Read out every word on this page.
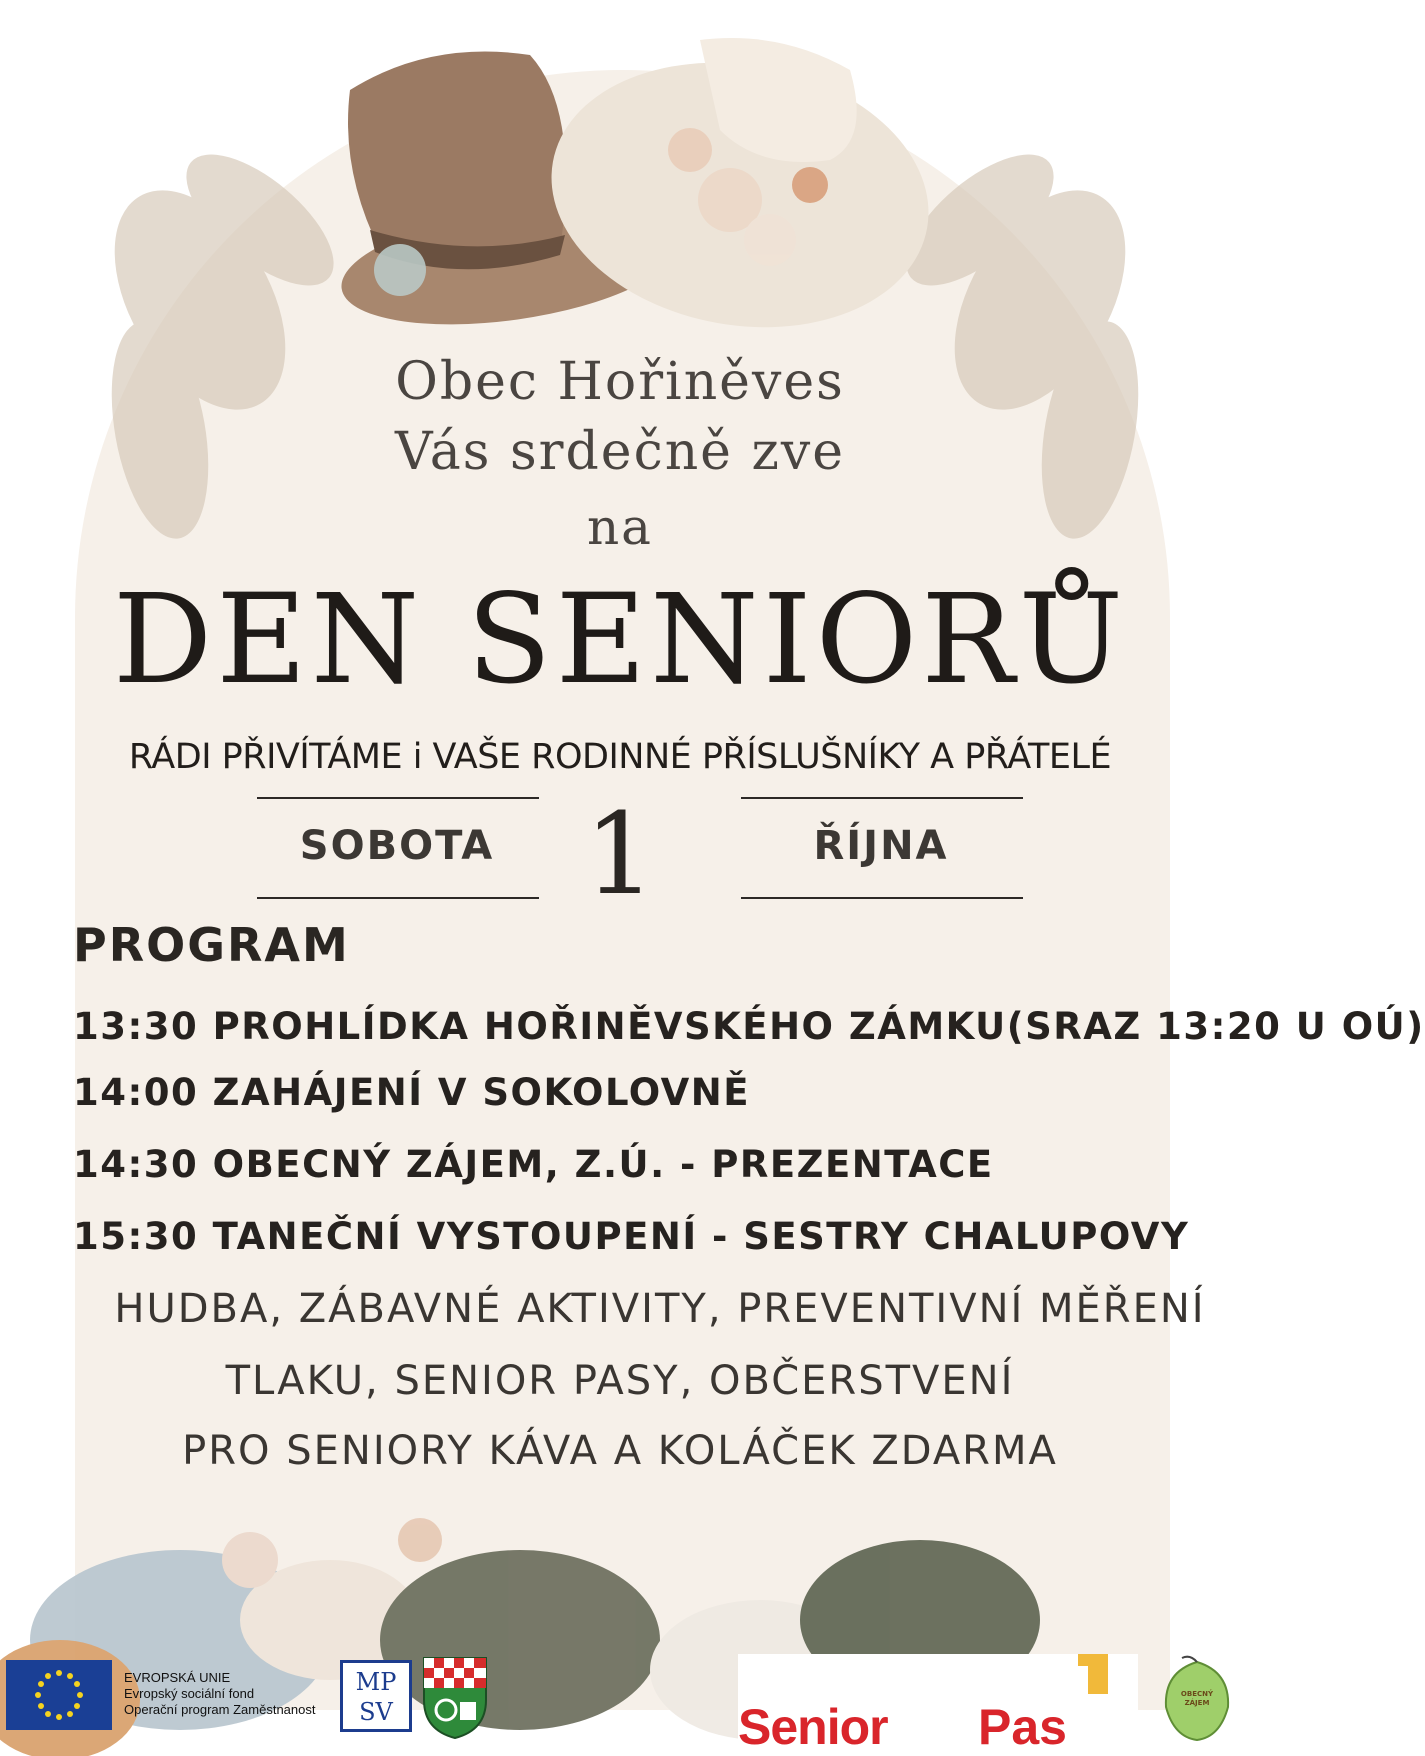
Obec Hořiněves
Vás srdečně zve
na
DEN SENIORŮ
RÁDI PŘIVÍTÁME i VAŠE RODINNÉ PŘÍSLUŠNÍKY A PŘÁTELÉ
SOBOTA 1	ŘÍJNA
PROGRAM
13:30 PROHLÍDKA HOŘINĚVSKÉHO ZÁMKU(SRAZ 13:20 U OÚ)
14:00 ZAHÁJENÍ V SOKOLOVNĚ
14:30 OBECNÝ ZÁJEM, Z.Ú. - PREZENTACE
15:30 TANEČNÍ VYSTOUPENÍ - SESTRY CHALUPOVY
HUDBA, ZÁBAVNÉ AKTIVITY, PREVENTIVNÍ MĚŘENÍ
TLAKU, SENIOR PASY, OBČERSTVENÍ
PRO SENIORY KÁVA A KOLÁČEK ZDARMA
EVROPSKÁ UNIE
Evropský sociální fond
Operační program Zaměstnanost
MP
SV	Senior Pas
OBECNÝ
ZÁJEM
